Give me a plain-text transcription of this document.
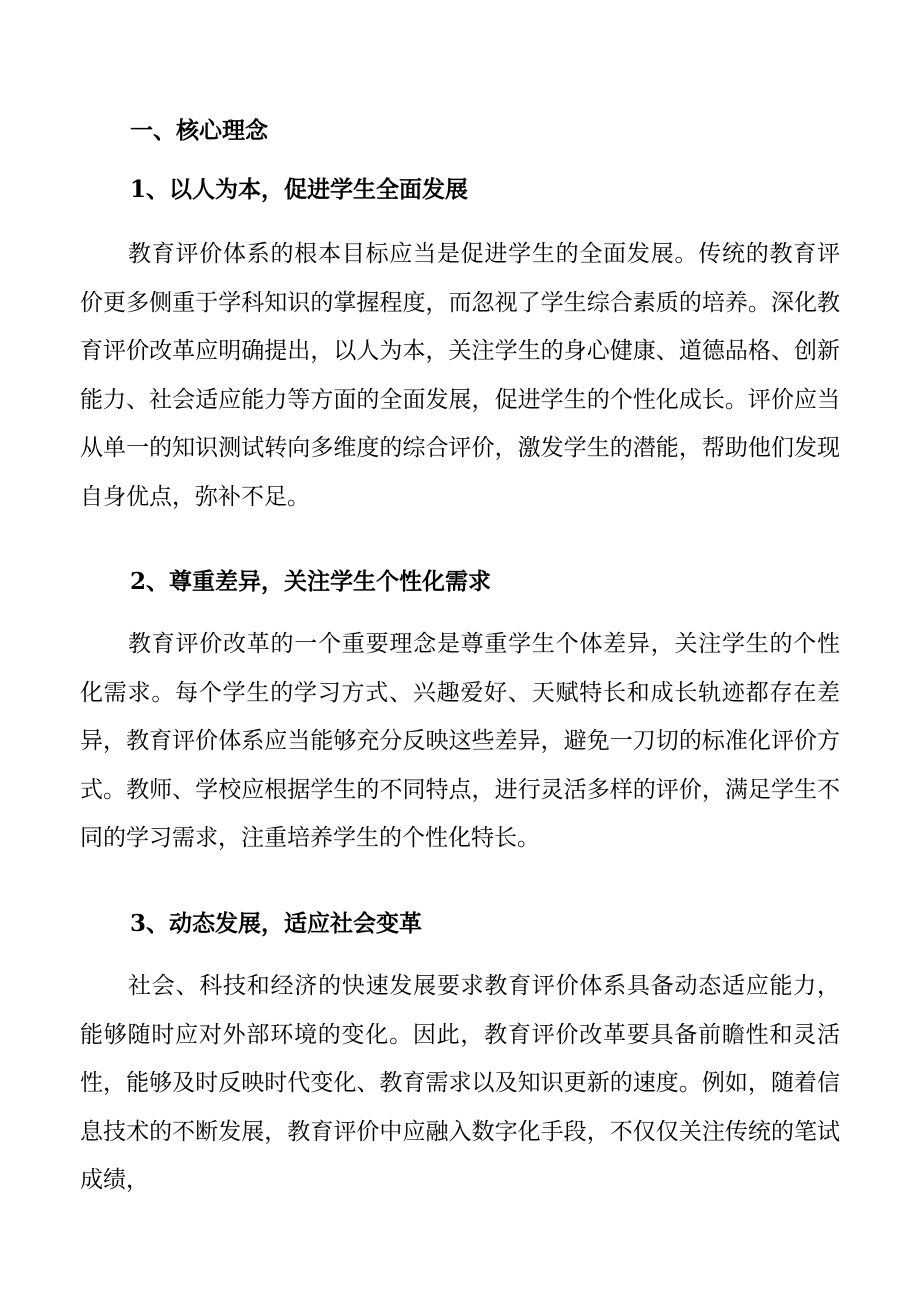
一、核心理念
1、以人为本，促进学生全面发展

教育评价体系的根本目标应当是促进学生的全面发展。传统的教育评价更多侧重于学科知识的掌握程度，而忽视了学生综合素质的培养。深化教育评价改革应明确提出，以人为本，关注学生的身心健康、道德品格、创新能力、社会适应能力等方面的全面发展，促进学生的个性化成长。评价应当从单一的知识测试转向多维度的综合评价，激发学生的潜能，帮助他们发现自身优点，弥补不足。

2、尊重差异，关注学生个性化需求

教育评价改革的一个重要理念是尊重学生个体差异，关注学生的个性化需求。每个学生的学习方式、兴趣爱好、天赋特长和成长轨迹都存在差异，教育评价体系应当能够充分反映这些差异，避免一刀切的标准化评价方式。教师、学校应根据学生的不同特点，进行灵活多样的评价，满足学生不同的学习需求，注重培养学生的个性化特长。

3、动态发展，适应社会变革

社会、科技和经济的快速发展要求教育评价体系具备动态适应能力，能够随时应对外部环境的变化。因此，教育评价改革要具备前瞻性和灵活性，能够及时反映时代变化、教育需求以及知识更新的速度。例如，随着信息技术的不断发展，教育评价中应融入数字化手段，不仅仅关注传统的笔试成绩，
